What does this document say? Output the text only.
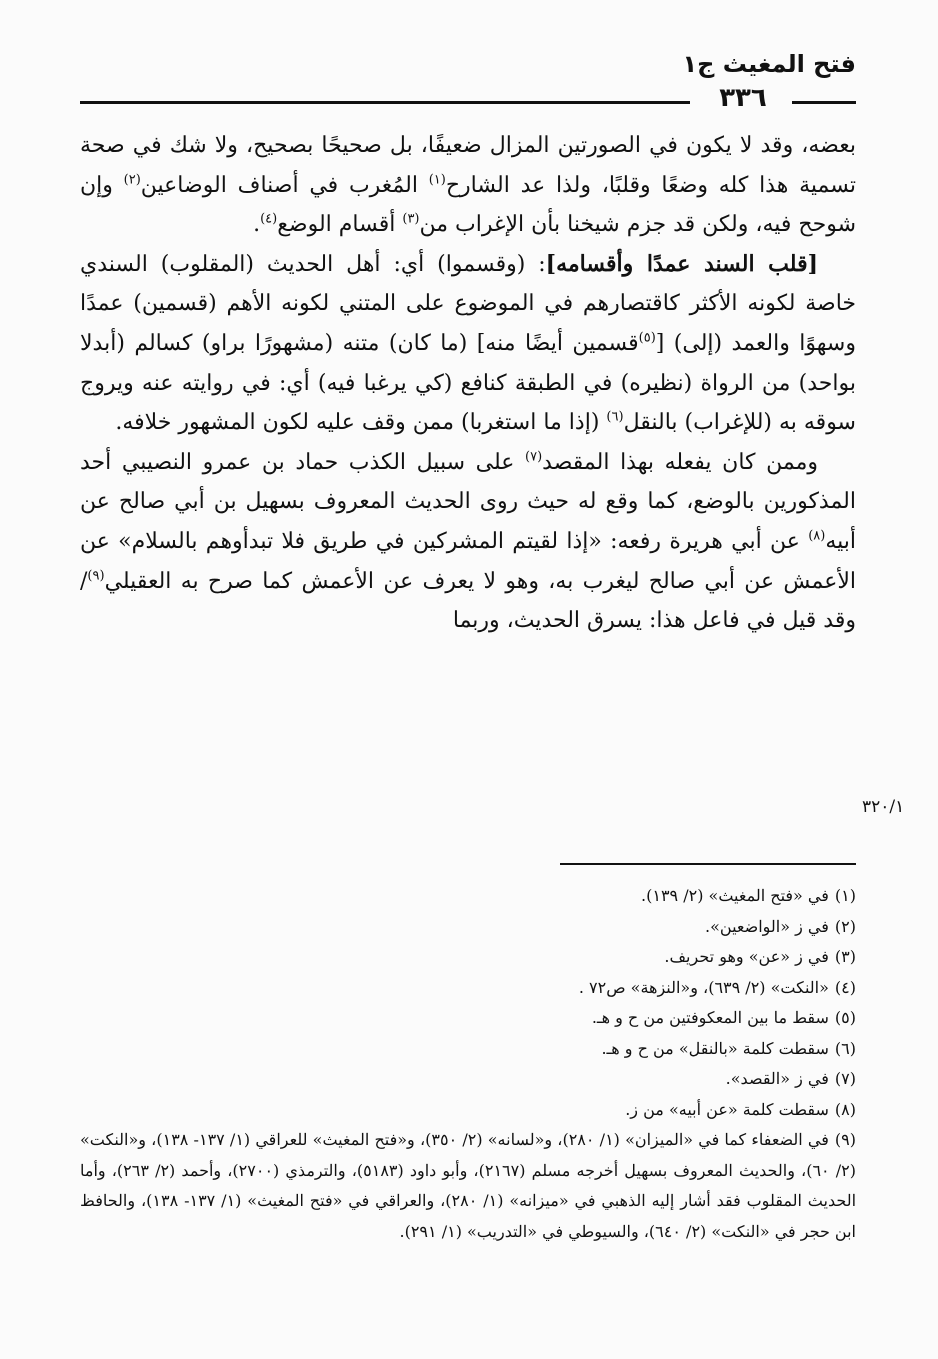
فتح المغيث ج١
٣٣٦

بعضه، وقد لا يكون في الصورتين المزال ضعيفًا، بل صحيحًا بصحيح، ولا شك في صحة تسمية هذا كله وضعًا وقلبًا، ولذا عد الشارح$^{(١)}$ المُغرب في أصناف الوضاعين$^{(٢)}$ وإن شوحح فيه، ولكن قد جزم شيخنا بأن الإغراب من$^{(٣)}$ أقسام الوضع$^{(٤)}$.

[قلب السند عمدًا وأقسامه]: (وقسموا) أي: أهل الحديث (المقلوب) السندي خاصة لكونه الأكثر كاقتصارهم في الموضوع على المتني لكونه الأهم (قسمين) عمدًا وسهوًا والعمد (إلى) [$^{(٥)}$قسمين أيضًا منه] (ما كان) متنه (مشهورًا براو) كسالم (أبدلا بواحد) من الرواة (نظيره) في الطبقة كنافع (كي يرغبا فيه) أي: في روايته عنه ويروج سوقه به (للإغراب) بالنقل$^{(٦)}$ (إذا ما استغربا) ممن وقف عليه لكون المشهور خلافه.

وممن كان يفعله بهذا المقصد$^{(٧)}$ على سبيل الكذب حماد بن عمرو النصيبي أحد المذكورين بالوضع، كما وقع له حيث روى الحديث المعروف بسهيل بن أبي صالح عن أبيه$^{(٨)}$ عن أبي هريرة رفعه: «إذا لقيتم المشركين في طريق فلا تبدأوهم بالسلام» عن الأعمش عن أبي صالح ليغرب به، وهو لا يعرف عن الأعمش كما صرح به العقيلي$^{(٩)}$/ وقد قيل في فاعل هذا: يسرق الحديث، وربما

٣٢٠/١
(١)في «فتح المغيث» (٢/ ١٣٩).
(٢)في ز «الواضعين».
(٣)في ز «عن» وهو تحريف.
(٤)«النكت» (٢/ ٦٣٩)، و«النزهة» ص٧٢ .
(٥)سقط ما بين المعكوفتين من ح و هـ.
(٦)سقطت كلمة «بالنقل» من ح و هـ.
(٧)في ز «القصد».
(٨)سقطت كلمة «عن أبيه» من ز.
(٩)في الضعفاء كما في «الميزان» (١/ ٢٨٠)، و«لسانه» (٢/ ٣٥٠)، و«فتح المغيث» للعراقي (١/ ١٣٧- ١٣٨)، و«النكت» (٢/ ٦٠)، والحديث المعروف بسهيل أخرجه مسلم (٢١٦٧)، وأبو داود (٥١٨٣)، والترمذي (٢٧٠٠)، وأحمد (٢/ ٢٦٣)، وأما الحديث المقلوب فقد أشار إليه الذهبي في «ميزانه» (١/ ٢٨٠)، والعراقي في «فتح المغيث» (١/ ١٣٧- ١٣٨)، والحافظ ابن حجر في «النكت» (٢/ ٦٤٠)، والسيوطي في «التدريب» (١/ ٢٩١).
